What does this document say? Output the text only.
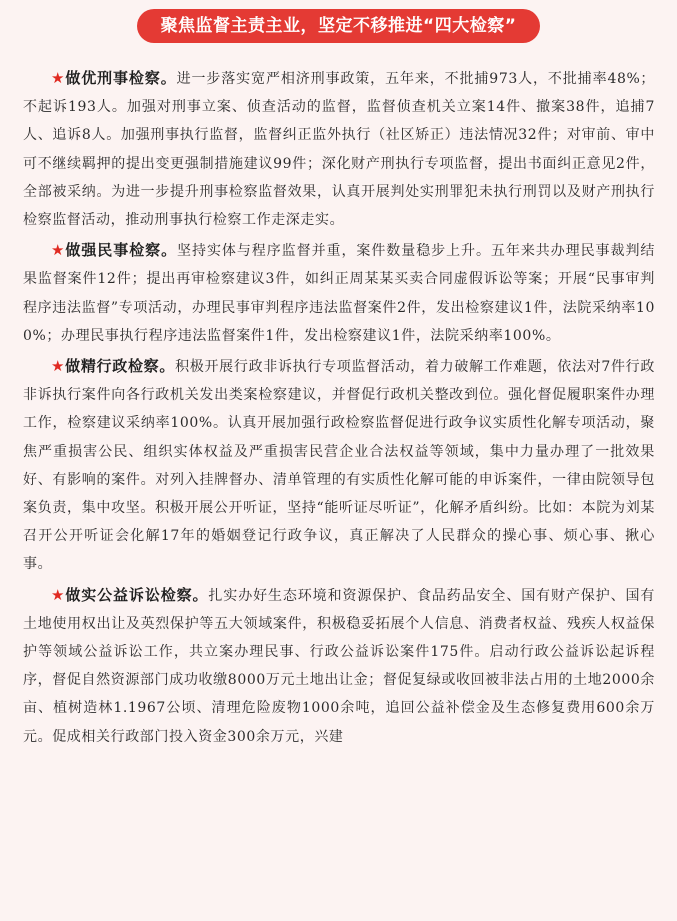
聚焦监督主责主业，坚定不移推进“四大检察”

★做优刑事检察。进一步落实宽严相济刑事政策，五年来，不批捕973人，不批捕率48%；不起诉193人。加强对刑事立案、侦查活动的监督，监督侦查机关立案14件、撤案38件，追捕7人、追诉8人。加强刑事执行监督，监督纠正监外执行（社区矫正）违法情况32件；对审前、审中可不继续羁押的提出变更强制措施建议99件；深化财产刑执行专项监督，提出书面纠正意见2件，全部被采纳。为进一步提升刑事检察监督效果，认真开展判处实刑罪犯未执行刑罚以及财产刑执行检察监督活动，推动刑事执行检察工作走深走实。

★做强民事检察。坚持实体与程序监督并重，案件数量稳步上升。五年来共办理民事裁判结果监督案件12件；提出再审检察建议3件，如纠正周某某买卖合同虚假诉讼等案；开展“民事审判程序违法监督”专项活动，办理民事审判程序违法监督案件2件，发出检察建议1件，法院采纳率100%；办理民事执行程序违法监督案件1件，发出检察建议1件，法院采纳率100%。

★做精行政检察。积极开展行政非诉执行专项监督活动，着力破解工作难题，依法对7件行政非诉执行案件向各行政机关发出类案检察建议，并督促行政机关整改到位。强化督促履职案件办理工作，检察建议采纳率100%。认真开展加强行政检察监督促进行政争议实质性化解专项活动，聚焦严重损害公民、组织实体权益及严重损害民营企业合法权益等领域，集中力量办理了一批效果好、有影响的案件。对列入挂牌督办、清单管理的有实质性化解可能的申诉案件，一律由院领导包案负责，集中攻坚。积极开展公开听证，坚持“能听证尽听证”，化解矛盾纠纷。比如：本院为刘某召开公开听证会化解17年的婚姻登记行政争议，真正解决了人民群众的操心事、烦心事、揪心事。

★做实公益诉讼检察。扎实办好生态环境和资源保护、食品药品安全、国有财产保护、国有土地使用权出让及英烈保护等五大领域案件，积极稳妥拓展个人信息、消费者权益、残疾人权益保护等领域公益诉讼工作，共立案办理民事、行政公益诉讼案件175件。启动行政公益诉讼起诉程序，督促自然资源部门成功收缴8000万元土地出让金；督促复绿或收回被非法占用的土地2000余亩、植树造林1.1967公顷、清理危险废物1000余吨，追回公益补偿金及生态修复费用600余万元。促成相关行政部门投入资金300余万元，兴建
